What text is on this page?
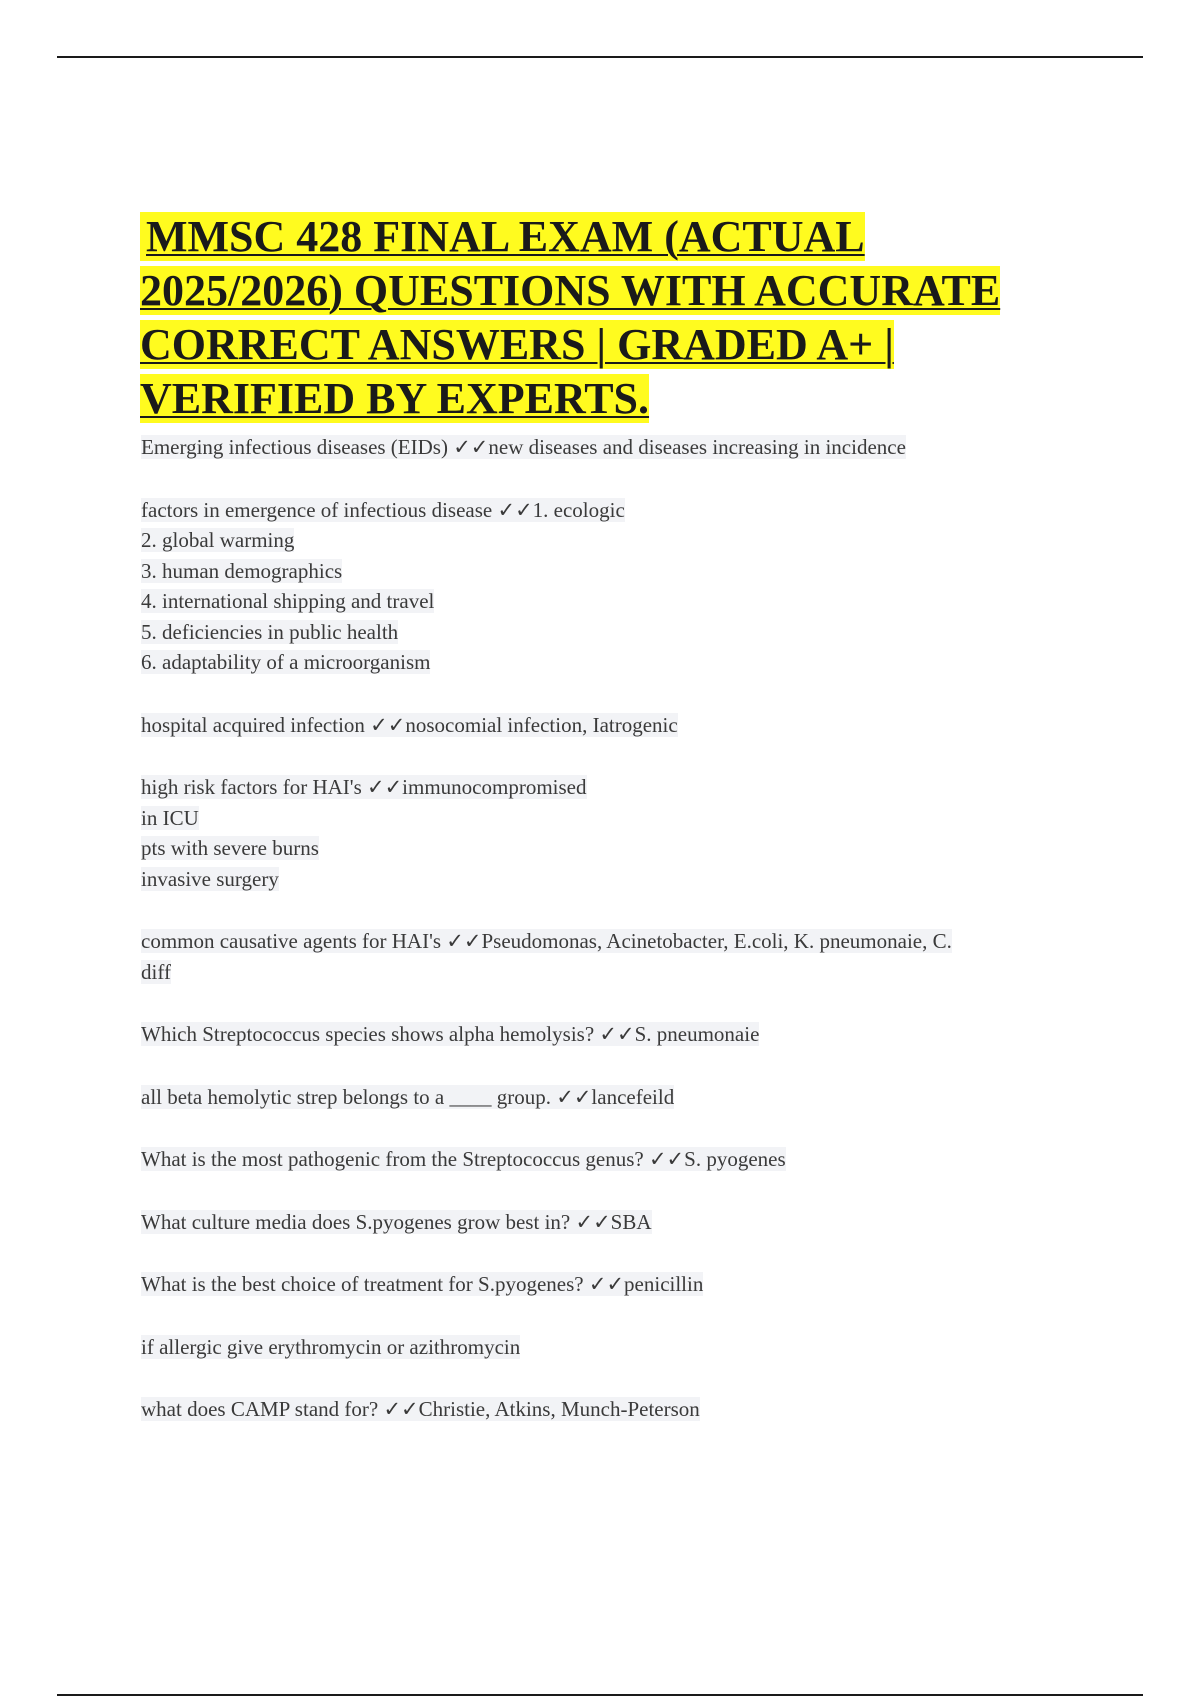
MMSC 428 FINAL EXAM (ACTUAL
2025/2026) QUESTIONS WITH ACCURATE
CORRECT ANSWERS | GRADED A+ |
VERIFIED BY EXPERTS.
Emerging infectious diseases (EIDs) ✓✓new diseases and diseases increasing in incidence
factors in emergence of infectious disease ✓✓1. ecologic
2. global warming
3. human demographics
4. international shipping and travel
5. deficiencies in public health
6. adaptability of a microorganism
hospital acquired infection ✓✓nosocomial infection, Iatrogenic
high risk factors for HAI's ✓✓immunocompromised
in ICU
pts with severe burns
invasive surgery
common causative agents for HAI's ✓✓Pseudomonas, Acinetobacter, E.coli, K. pneumonaie, C.
diff
Which Streptococcus species shows alpha hemolysis? ✓✓S. pneumonaie
all beta hemolytic strep belongs to a ____ group. ✓✓lancefeild
What is the most pathogenic from the Streptococcus genus? ✓✓S. pyogenes
What culture media does S.pyogenes grow best in? ✓✓SBA
What is the best choice of treatment for S.pyogenes? ✓✓penicillin
if allergic give erythromycin or azithromycin
what does CAMP stand for? ✓✓Christie, Atkins, Munch-Peterson
